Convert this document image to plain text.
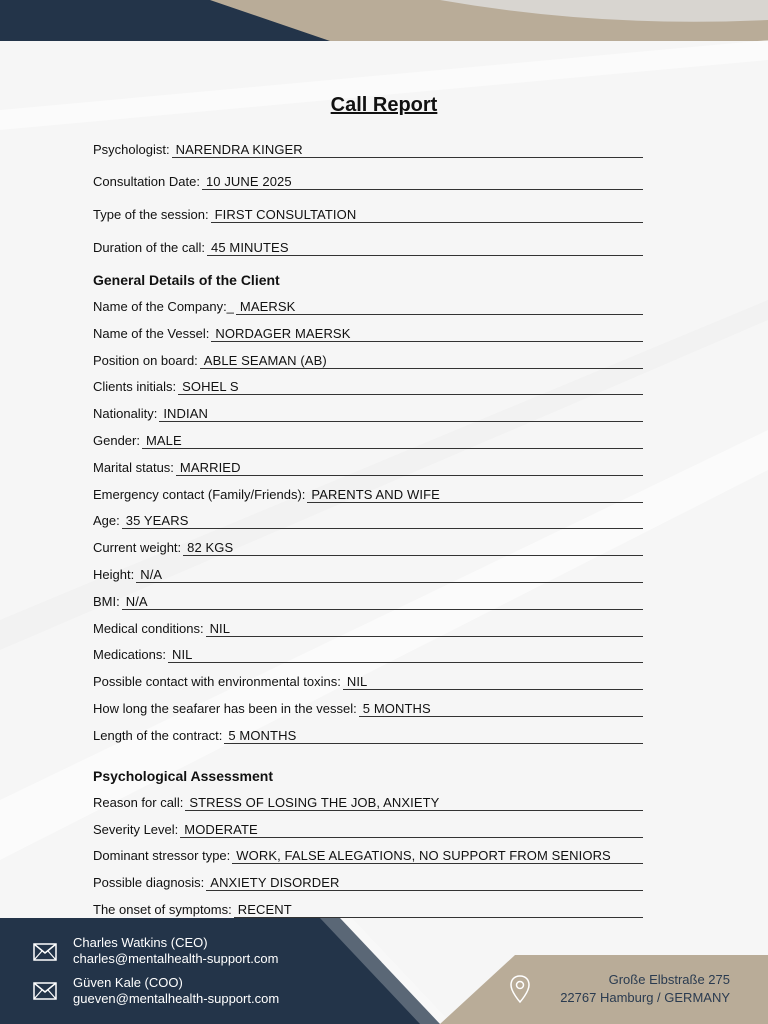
Call Report
Psychologist: NARENDRA KINGER
Consultation Date: 10 JUNE 2025
Type of the session: FIRST CONSULTATION
Duration of the call: 45 MINUTES
General Details of the Client
Name of the Company:_ MAERSK
Name of the Vessel: NORDAGER MAERSK
Position on board: ABLE SEAMAN (AB)
Clients initials: SOHEL S
Nationality: INDIAN
Gender: MALE
Marital status: MARRIED
Emergency contact (Family/Friends): PARENTS AND WIFE
Age: 35 YEARS
Current weight: 82 KGS
Height: N/A
BMI: N/A
Medical conditions: NIL
Medications: NIL
Possible contact with environmental toxins: NIL
How long the seafarer has been in the vessel: 5 MONTHS
Length of the contract: 5 MONTHS
Psychological Assessment
Reason for call: STRESS OF LOSING THE JOB, ANXIETY
Severity Level: MODERATE
Dominant stressor type: WORK, FALSE ALEGATIONS, NO SUPPORT FROM SENIORS
Possible diagnosis: ANXIETY DISORDER
The onset of symptoms: RECENT
Charles Watkins (CEO)
charles@mentalhealth-support.com
Güven Kale (COO)
gueven@mentalhealth-support.com
Große Elbstraße 275
22767 Hamburg / GERMANY
